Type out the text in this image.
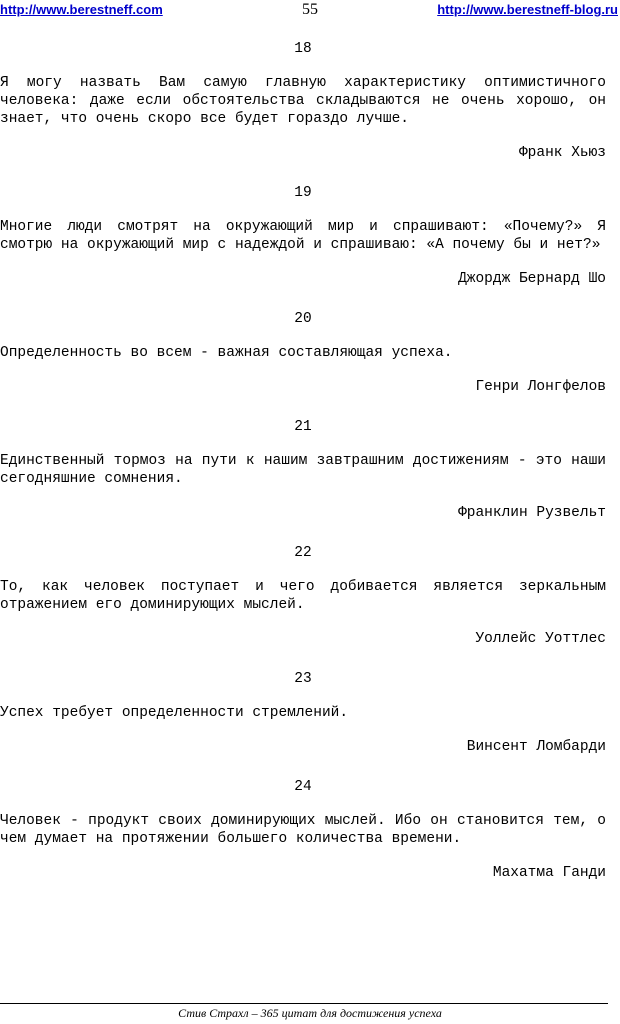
http://www.berestneff.com	55	http://www.berestneff-blog.ru
18

Я могу назвать Вам самую главную характеристику оптимистичного человека: даже если обстоятельства складываются не очень хорошо, он знает, что очень скоро все будет гораздо лучше.

Франк Хьюз
19

Многие люди смотрят на окружающий мир и спрашивают: «Почему?» Я смотрю на окружающий мир с надеждой и спрашиваю: «А почему бы и нет?»

Джордж Бернард Шо
20

Определенность во всем - важная составляющая успеха.

Генри Лонгфелов
21

Единственный тормоз на пути к нашим завтрашним достижениям - это наши сегодняшние сомнения.

Франклин Рузвельт
22

То, как человек поступает и чего добивается является зеркальным отражением его доминирующих мыслей.

Уоллейс Уоттлес
23

Успех требует определенности стремлений.

Винсент Ломбарди
24

Человек - продукт своих доминирующих мыслей. Ибо он становится тем, о чем думает на протяжении большего количества времени.

Махатма Ганди
Стив Страхл – 365 цитат для достижения успеха
